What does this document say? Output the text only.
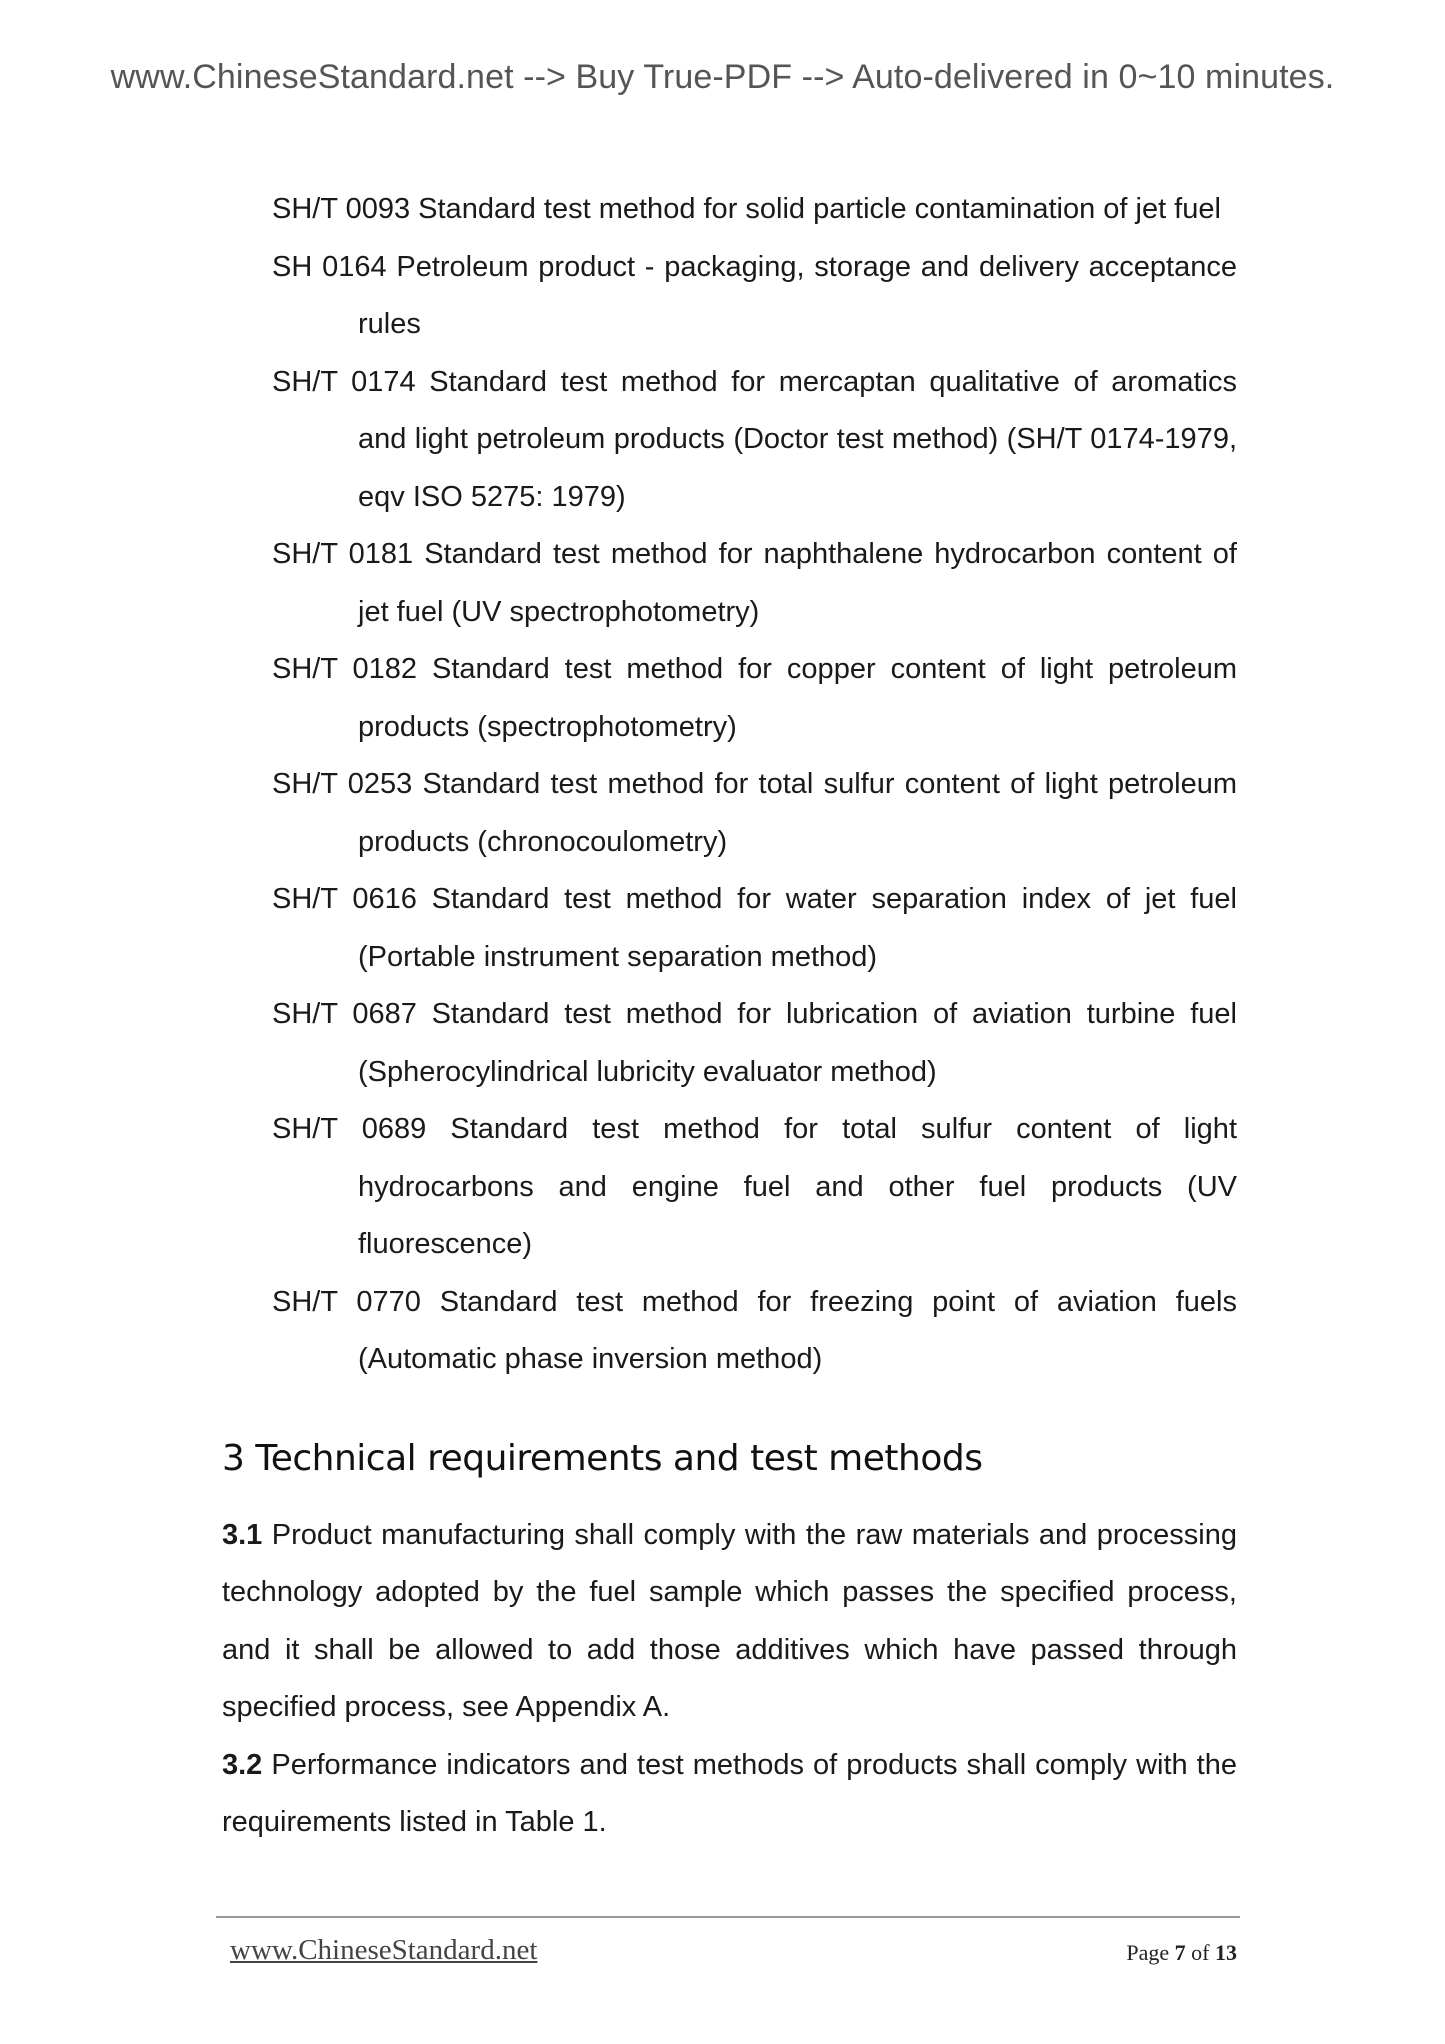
www.ChineseStandard.net --> Buy True-PDF --> Auto-delivered in 0~10 minutes.
SH/T 0093 Standard test method for solid particle contamination of jet fuel
SH 0164 Petroleum product - packaging, storage and delivery acceptance rules
SH/T 0174 Standard test method for mercaptan qualitative of aromatics and light petroleum products (Doctor test method) (SH/T 0174-1979, eqv ISO 5275: 1979)
SH/T 0181 Standard test method for naphthalene hydrocarbon content of jet fuel (UV spectrophotometry)
SH/T 0182 Standard test method for copper content of light petroleum products (spectrophotometry)
SH/T 0253 Standard test method for total sulfur content of light petroleum products (chronocoulometry)
SH/T 0616 Standard test method for water separation index of jet fuel (Portable instrument separation method)
SH/T 0687 Standard test method for lubrication of aviation turbine fuel (Spherocylindrical lubricity evaluator method)
SH/T 0689 Standard test method for total sulfur content of light hydrocarbons and engine fuel and other fuel products (UV fluorescence)
SH/T 0770 Standard test method for freezing point of aviation fuels (Automatic phase inversion method)
3 Technical requirements and test methods

3.1 Product manufacturing shall comply with the raw materials and processing technology adopted by the fuel sample which passes the specified process, and it shall be allowed to add those additives which have passed through specified process, see Appendix A.

3.2 Performance indicators and test methods of products shall comply with the requirements listed in Table 1.

www.ChineseStandard.net	Page 7 of 13
